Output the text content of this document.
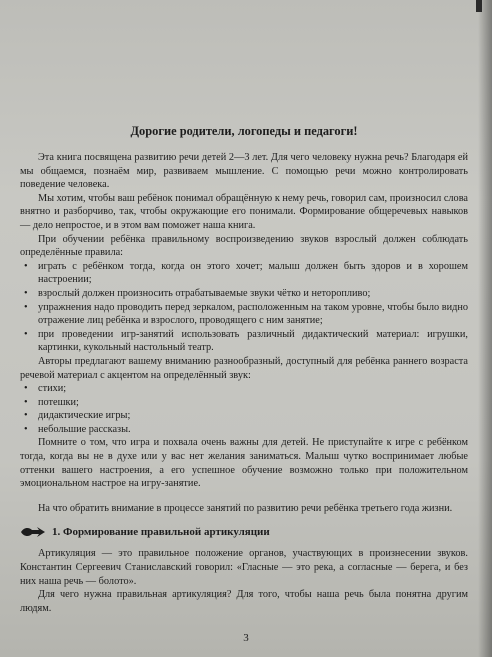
Дорогие родители, логопеды и педагоги!

Эта книга посвящена развитию речи детей 2—3 лет. Для чего человеку нужна речь? Благодаря ей мы общаемся, познаём мир, развиваем мышление. С помощью речи можно контролировать поведение человека.

Мы хотим, чтобы ваш ребёнок понимал обращённую к нему речь, говорил сам, произносил слова внятно и разборчиво, так, чтобы окружающие его понимали. Формирование общеречевых навыков — дело непростое, и в этом вам поможет наша книга.

При обучении ребёнка правильному воспроизведению звуков взрослый должен соблюдать определённые правила:

• играть с ребёнком тогда, когда он этого хочет; малыш должен быть здоров и в хорошем настроении;
• взрослый должен произносить отрабатываемые звуки чётко и неторопливо;
• упражнения надо проводить перед зеркалом, расположенным на таком уровне, чтобы было видно отражение лиц ребёнка и взрослого, проводящего с ним занятие;
• при проведении игр-занятий использовать различный дидактический материал: игрушки, картинки, кукольный настольный театр.

Авторы предлагают вашему вниманию разнообразный, доступный для ребёнка раннего возраста речевой материал с акцентом на определённый звук:

• стихи;
• потешки;
• дидактические игры;
• небольшие рассказы.

Помните о том, что игра и похвала очень важны для детей. Не приступайте к игре с ребёнком тогда, когда вы не в духе или у вас нет желания заниматься. Малыш чутко воспринимает любые оттенки вашего настроения, а его успешное обучение возможно только при положительном эмоциональном настрое на игру-занятие.

На что обратить внимание в процессе занятий по развитию речи ребёнка третьего года жизни.

1. Формирование правильной артикуляции

Артикуляция — это правильное положение органов, участвующих в произнесении звуков. Константин Сергеевич Станиславский говорил: «Гласные — это река, а согласные — берега, и без них наша речь — болото».

Для чего нужна правильная артикуляция? Для того, чтобы наша речь была понятна другим людям.

3
